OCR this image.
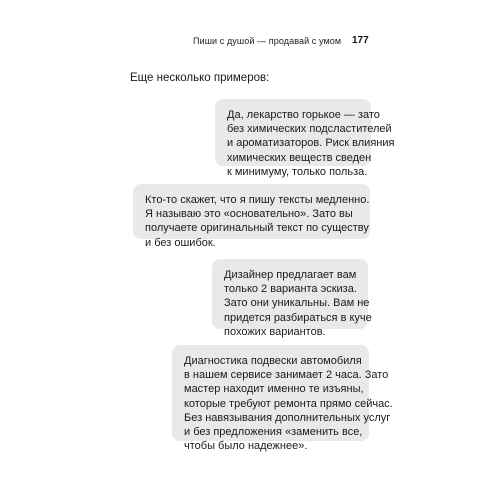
Пиши с душой — продавай с умом 177
Еще несколько примеров:
Да, лекарство горькое — зато
без химических подсластителей
и ароматизаторов. Риск влияния
химических веществ сведен
к минимуму, только польза.
Кто-то скажет, что я пишу тексты медленно.
Я называю это «основательно». Зато вы
получаете оригинальный текст по существу
и без ошибок.
Дизайнер предлагает вам
только 2 варианта эскиза.
Зато они уникальны. Вам не
придется разбираться в куче
похожих вариантов.
Диагностика подвески автомобиля
в нашем сервисе занимает 2 часа. Зато
мастер находит именно те изъяны,
которые требуют ремонта прямо сейчас.
Без навязывания дополнительных услуг
и без предложения «заменить все,
чтобы было надежнее».
